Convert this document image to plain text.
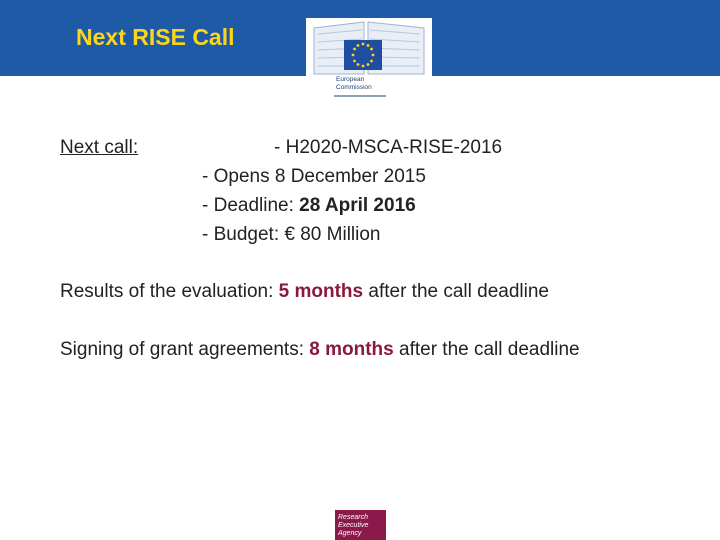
Next RISE Call
European
Commission
Next call:	- H2020-MSCA-RISE-2016
- Opens 8 December 2015
- Deadline: 28 April 2016
- Budget: € 80 Million
Results of the evaluation: 5 months after the call deadline
Signing of grant agreements: 8 months after the call deadline
Research
Executive
Agency
